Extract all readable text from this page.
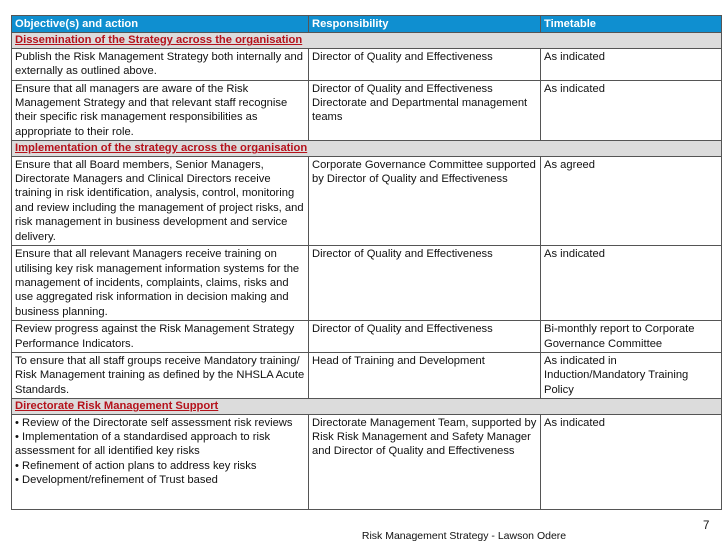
Objective(s) and action	Responsibility	Timetable
Dissemination of the Strategy across the organisation		
Publish the Risk Management Strategy both internally and externally as outlined above.	Director of Quality and Effectiveness	As indicated
Ensure that all managers are aware of the Risk Management Strategy and that relevant staff recognise their specific risk management responsibilities as appropriate to their role.	Director of Quality and Effectiveness Directorate and Departmental management teams	As indicated
Implementation of the strategy across the organisation		
Ensure that all Board members, Senior Managers, Directorate Managers and Clinical Directors receive training in risk identification, analysis, control, monitoring and review including the management of project risks, and risk management in business development and service delivery.	Corporate Governance Committee supported by Director of Quality and Effectiveness	As agreed
Ensure that all relevant Managers receive training on utilising key risk management information systems for the management of incidents, complaints, claims, risks and use aggregated risk information in decision making and business planning.	Director of Quality and Effectiveness	As indicated
Review progress against the Risk Management Strategy Performance Indicators.	Director of Quality and Effectiveness	Bi-monthly report to Corporate Governance Committee
To ensure that all staff groups receive Mandatory training/ Risk Management training as defined by the NHSLA Acute Standards.	Head of Training and Development	As indicated in Induction/Mandatory Training Policy
Directorate Risk Management Support		

• Review of the Directorate self assessment risk reviews
• Implementation of a standardised approach to risk assessment for all identified key risks
• Refinement of action plans to address key risks
• Development/refinement of Trust based	Directorate Management Team, supported by Risk Risk Management and Safety Manager and Director of Quality and Effectiveness	As indicated
7
Risk Management Strategy - Lawson Odere
